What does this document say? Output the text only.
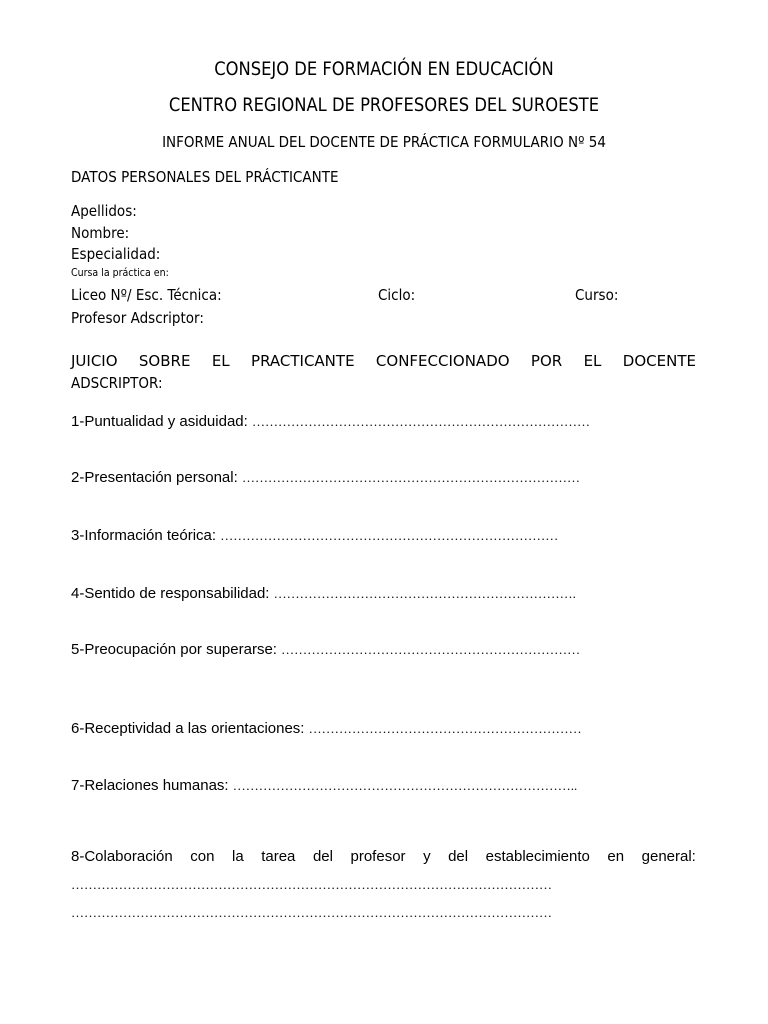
CONSEJO DE FORMACIÓN EN EDUCACIÓN
CENTRO REGIONAL DE PROFESORES DEL SUROESTE
INFORME ANUAL DEL DOCENTE DE PRÁCTICA FORMULARIO Nº 54
DATOS PERSONALES DEL PRÁCTICANTE
Apellidos:
Nombre:
Especialidad:
Cursa la práctica en:
Liceo Nº/ Esc. Técnica:	Ciclo:	Curso:
Profesor Adscriptor:
JUICIO SOBRE EL PRACTICANTE CONFECCIONADO POR EL DOCENTE
ADSCRIPTOR:
1-Puntualidad y asiduidad: ……………………………………………………………………
2-Presentación personal: ……………………………………………………………………
3-Información teórica: ……………………………………………………………………
4-Sentido de responsabilidad: …………………………………………………………….
5-Preocupación por superarse: ……………………………………………………………
6-Receptividad a las orientaciones: ………………………………………………………
7-Relaciones humanas: ……………………………………………………………………..
8-Colaboración con la tarea del profesor y del establecimiento en general:
…………………………………………………………………………………………………
…………………………………………………………………………………………………
